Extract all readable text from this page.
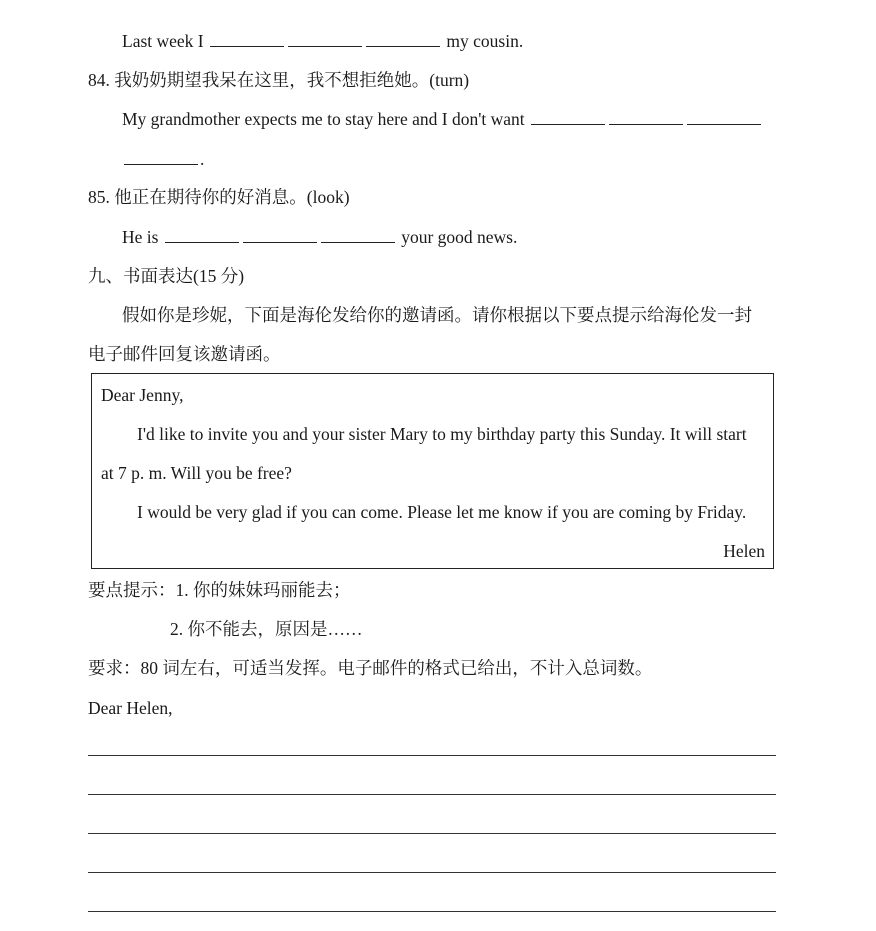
Last week I	my cousin.
84. 我奶奶期望我呆在这里，我不想拒绝她。(turn)
My grandmother expects me to stay here and I don't want
.
85. 他正在期待你的好消息。(look)
He is	your good news.
九、书面表达(15 分)
假如你是珍妮，下面是海伦发给你的邀请函。请你根据以下要点提示给海伦发一封
电子邮件回复该邀请函。
Dear Jenny,
I'd like to invite you and your sister Mary to my birthday party this Sunday. It will start
at 7 p. m. Will you be free?
I would be very glad if you can come. Please let me know if you are coming by Friday.
Helen
要点提示：1. 你的妹妹玛丽能去；
2. 你不能去，原因是……
要求：80 词左右，可适当发挥。电子邮件的格式已给出，不计入总词数。
Dear Helen,
